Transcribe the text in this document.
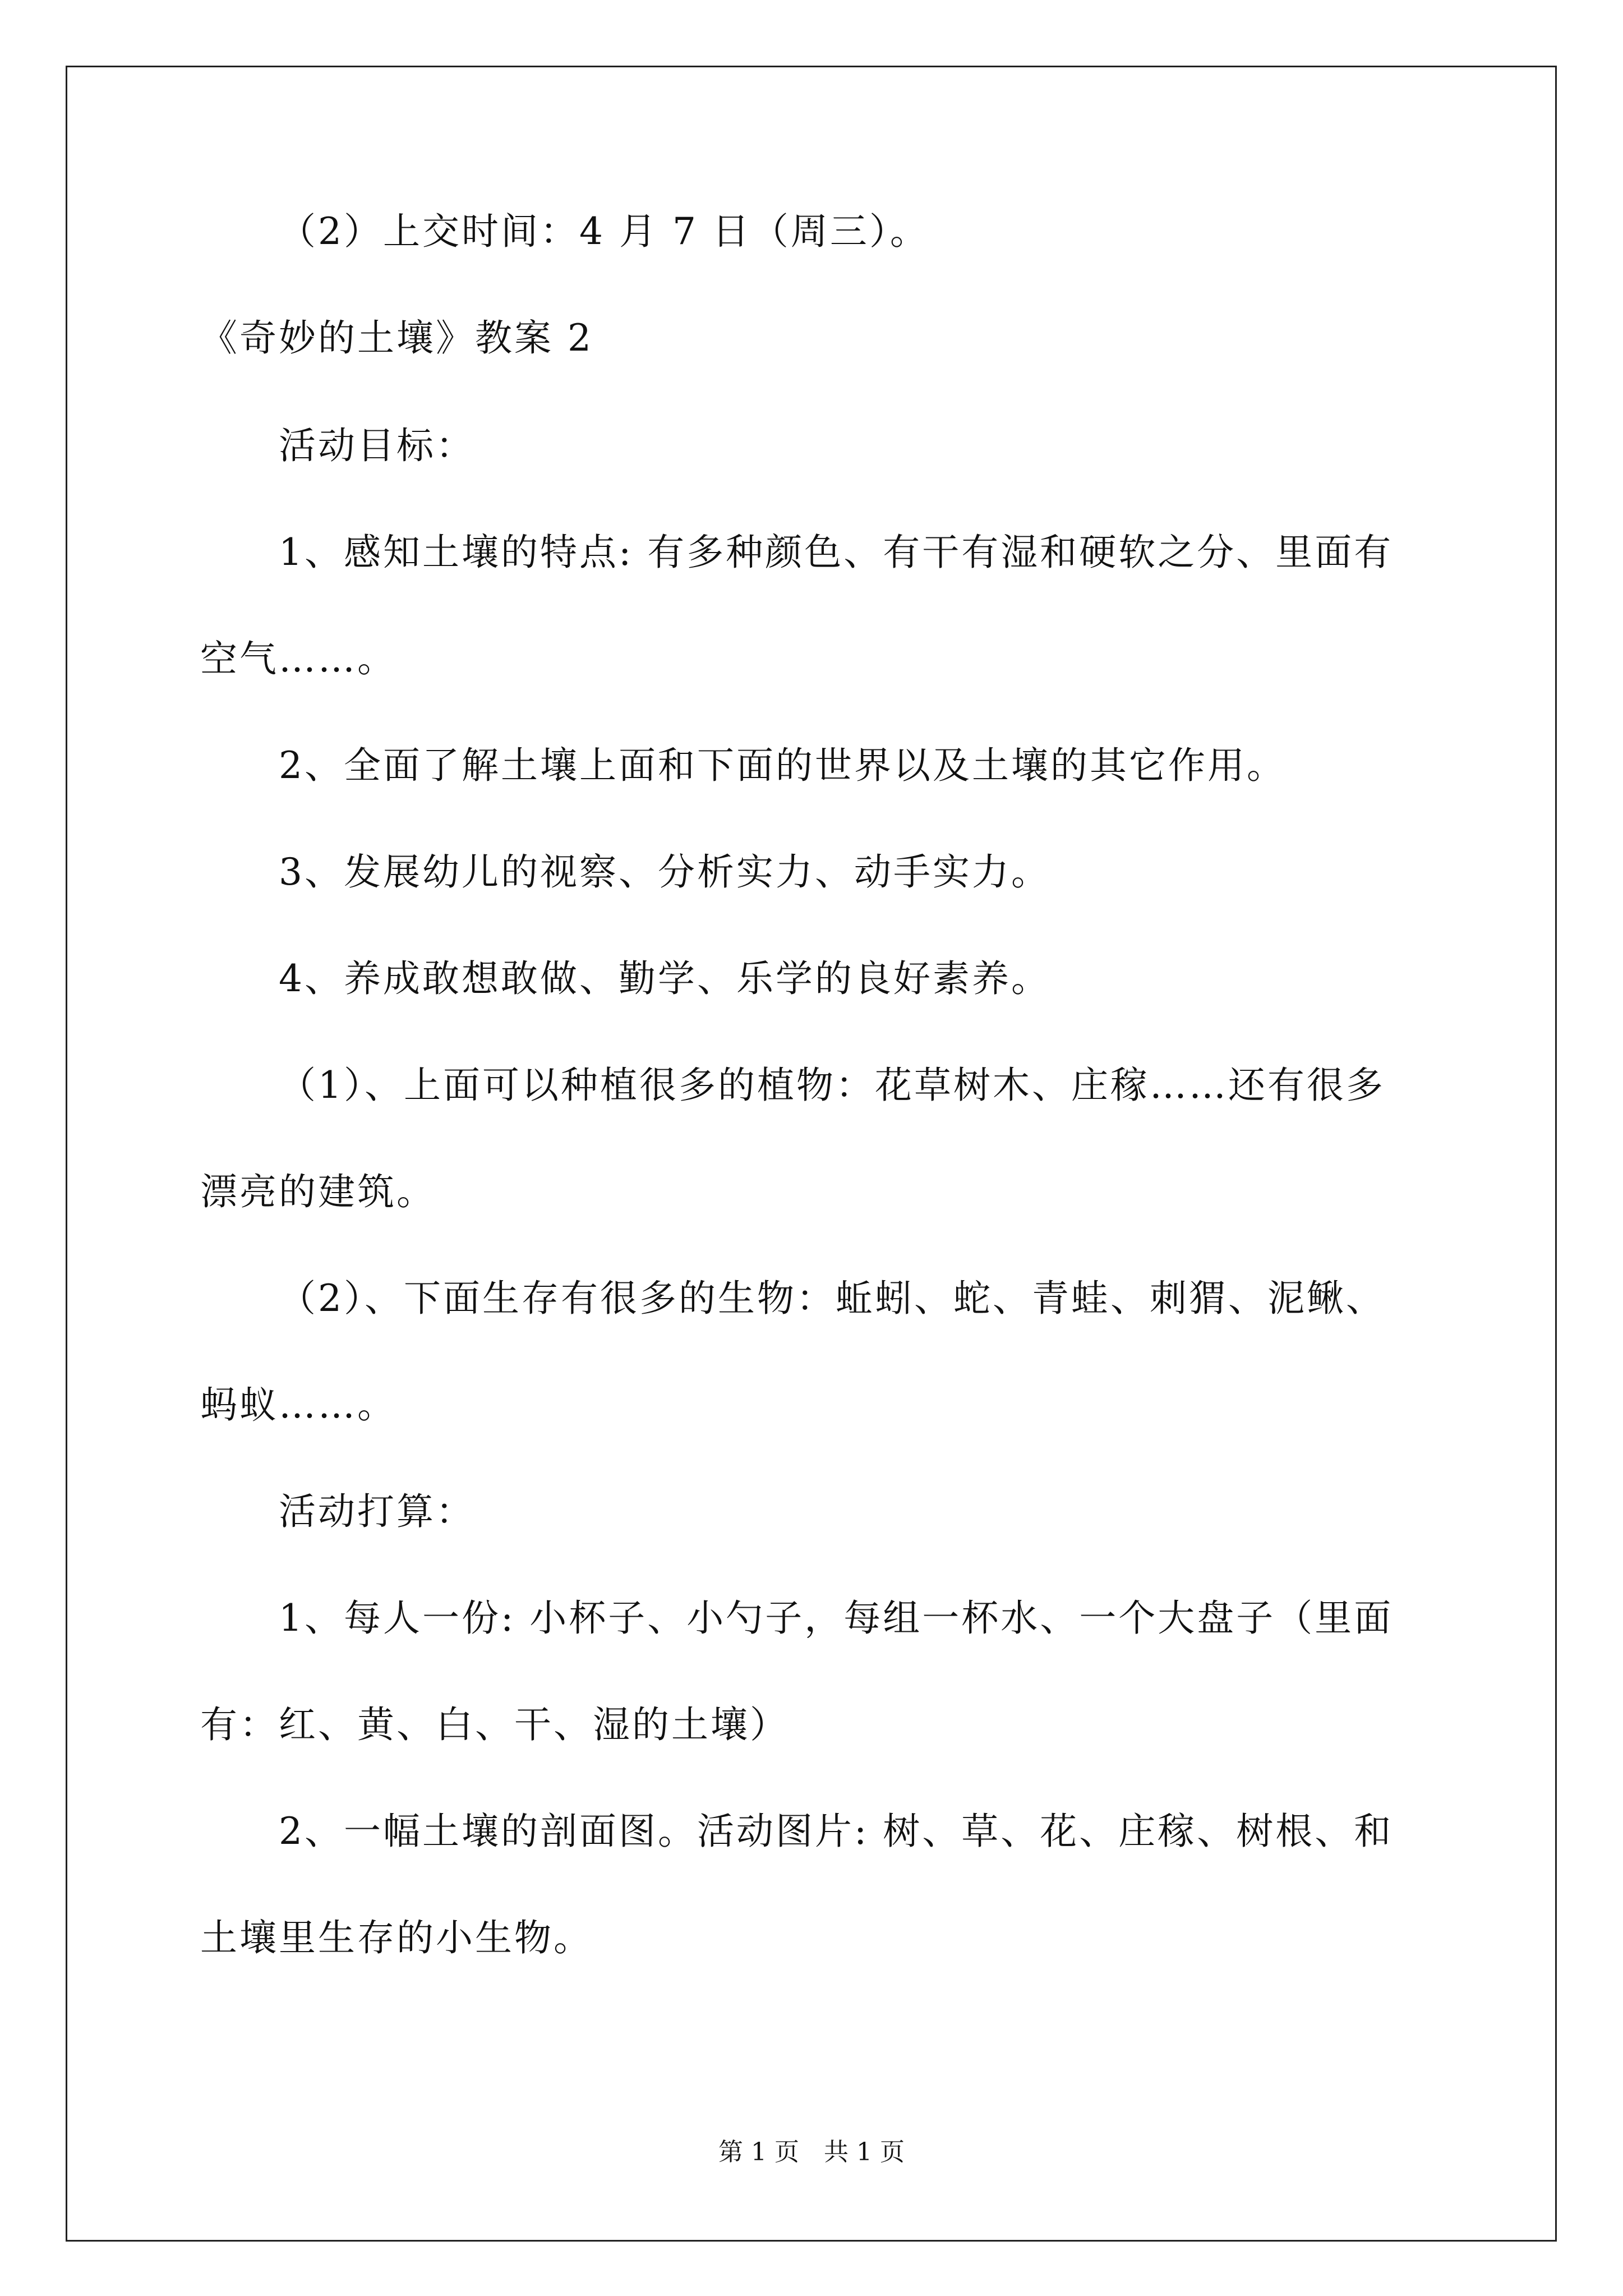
（2）上交时间：4 月 7 日（周三）。
《奇妙的土壤》教案 2
活动目标：
1、感知土壤的特点: 有多种颜色、有干有湿和硬软之分、里面有
空气……。
2、全面了解土壤上面和下面的世界以及土壤的其它作用。
3、发展幼儿的视察、分析实力、动手实力。
4、养成敢想敢做、勤学、乐学的良好素养。
（1）、上面可以种植很多的植物：花草树木、庄稼……还有很多
漂亮的建筑。
（2）、下面生存有很多的生物：蚯蚓、蛇、青蛙、刺猬、泥鳅、
蚂蚁……。
活动打算：
1、每人一份: 小杯子、小勺子，每组一杯水、一个大盘子（里面
有：红、黄、白、干、湿的土壤）
2、一幅土壤的剖面图。活动图片: 树、草、花、庄稼、树根、和
土壤里生存的小生物。
第 1 页　共 1 页
